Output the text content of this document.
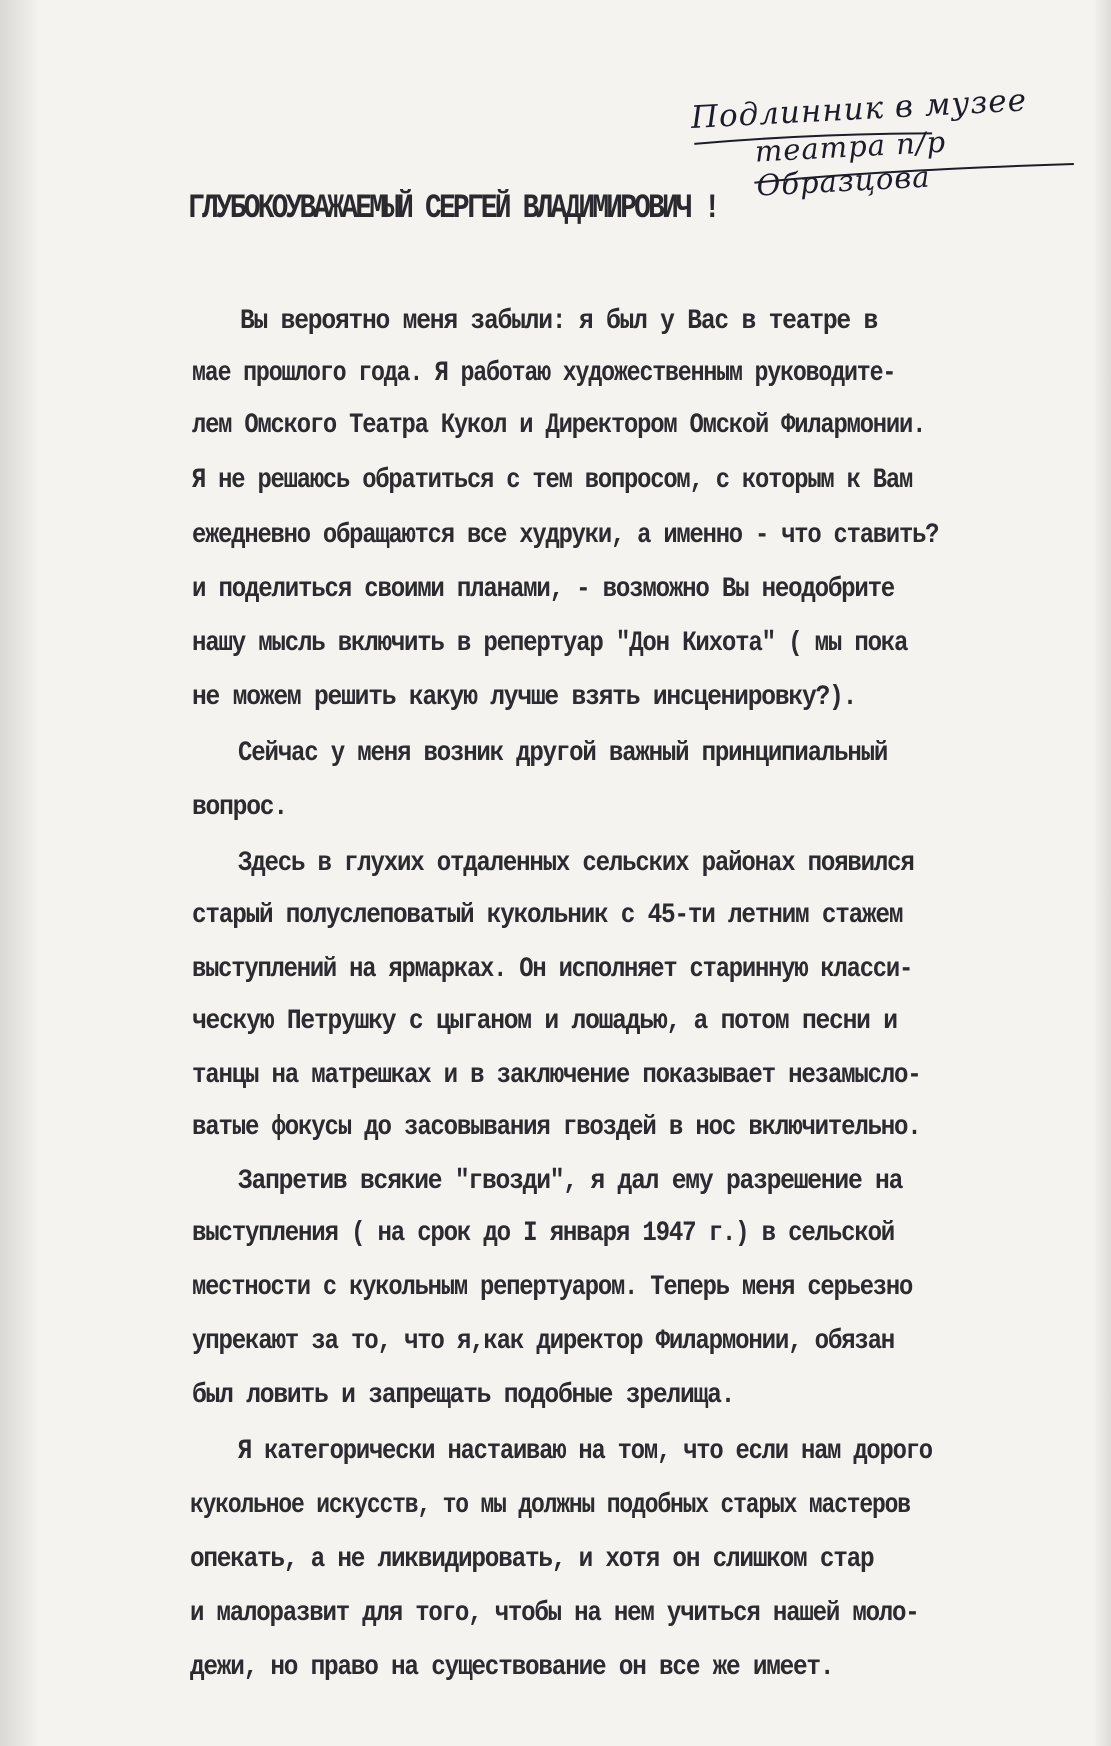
Подлинник в музее
театра п/р Образцова
ГЛУБОКОУВАЖАЕМЫЙ СЕРГЕЙ ВЛАДИМИРОВИЧ !
Вы вероятно меня забыли: я был у Вас в театре в
мае прошлого года. Я работаю художественным руководите-
лем Омского Театра Кукол и Директором Омской Филармонии.
Я не решаюсь обратиться с тем вопросом, с которым к Вам
ежедневно обращаются все худруки, а именно - что ставить?
и поделиться своими планами, - возможно Вы неодобрите
нашу мысль включить в репертуар "Дон Кихота" ( мы пока
не можем решить какую лучше взять инсценировку?).
Сейчас у меня возник другой важный принципиальный
вопрос.
Здесь в глухих отдаленных сельских районах появился
старый полуслеповатый кукольник с 45-ти летним стажем
выступлений на ярмарках. Он исполняет старинную класси-
ческую Петрушку с цыганом и лошадью, а потом песни и
танцы на матрешках и в заключение показывает незамысло-
ватые фокусы до засовывания гвоздей в нос включительно.
Запретив всякие "гвозди", я дал ему разрешение на
выступления ( на срок до I января 1947 г.) в сельской
местности с кукольным репертуаром. Теперь меня серьезно
упрекают за то, что я,как директор Филармонии, обязан
был ловить и запрещать подобные зрелища.
Я категорически настаиваю на том, что если нам дорого
кукольное искусств, то мы должны подобных старых мастеров
опекать, а не ликвидировать, и хотя он слишком стар
и малоразвит для того, чтобы на нем учиться нашей моло-
дежи, но право на существование он все же имеет.
